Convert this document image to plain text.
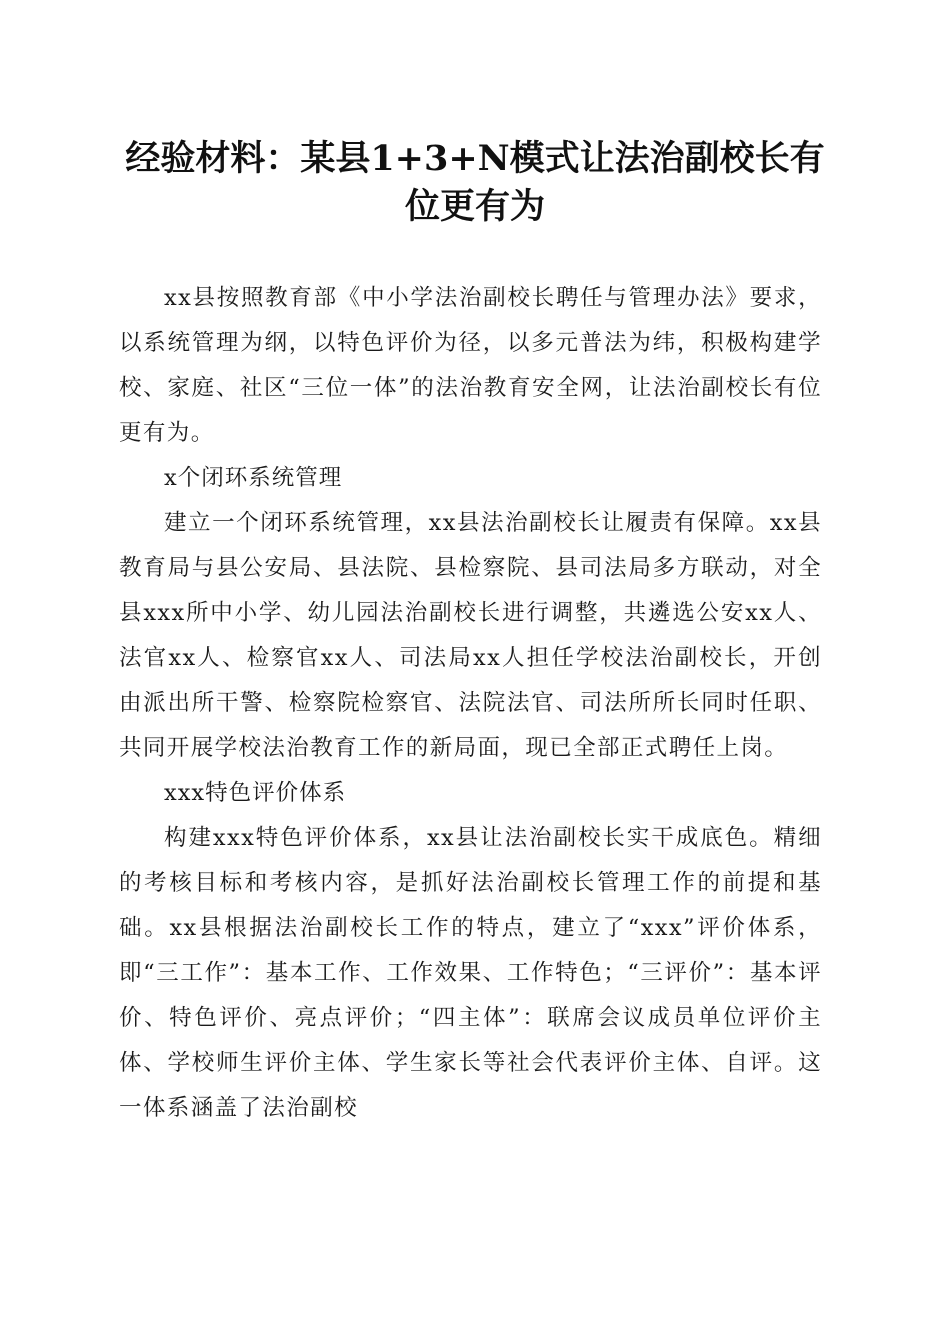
经验材料：某县1+3+N模式让法治副校长有位更有为

xx县按照教育部《中小学法治副校长聘任与管理办法》要求，以系统管理为纲，以特色评价为径，以多元普法为纬，积极构建学校、家庭、社区“三位一体”的法治教育安全网，让法治副校长有位更有为。

x个闭环系统管理

建立一个闭环系统管理，xx县法治副校长让履责有保障。xx县教育局与县公安局、县法院、县检察院、县司法局多方联动，对全县xxx所中小学、幼儿园法治副校长进行调整，共遴选公安xx人、法官xx人、检察官xx人、司法局xx人担任学校法治副校长，开创由派出所干警、检察院检察官、法院法官、司法所所长同时任职、共同开展学校法治教育工作的新局面，现已全部正式聘任上岗。

xxx特色评价体系

构建xxx特色评价体系，xx县让法治副校长实干成底色。精细的考核目标和考核内容，是抓好法治副校长管理工作的前提和基础。xx县根据法治副校长工作的特点，建立了“xxx”评价体系，即“三工作”：基本工作、工作效果、工作特色；“三评价”：基本评价、特色评价、亮点评价；“四主体”：联席会议成员单位评价主体、学校师生评价主体、学生家长等社会代表评价主体、自评。这一体系涵盖了法治副校
